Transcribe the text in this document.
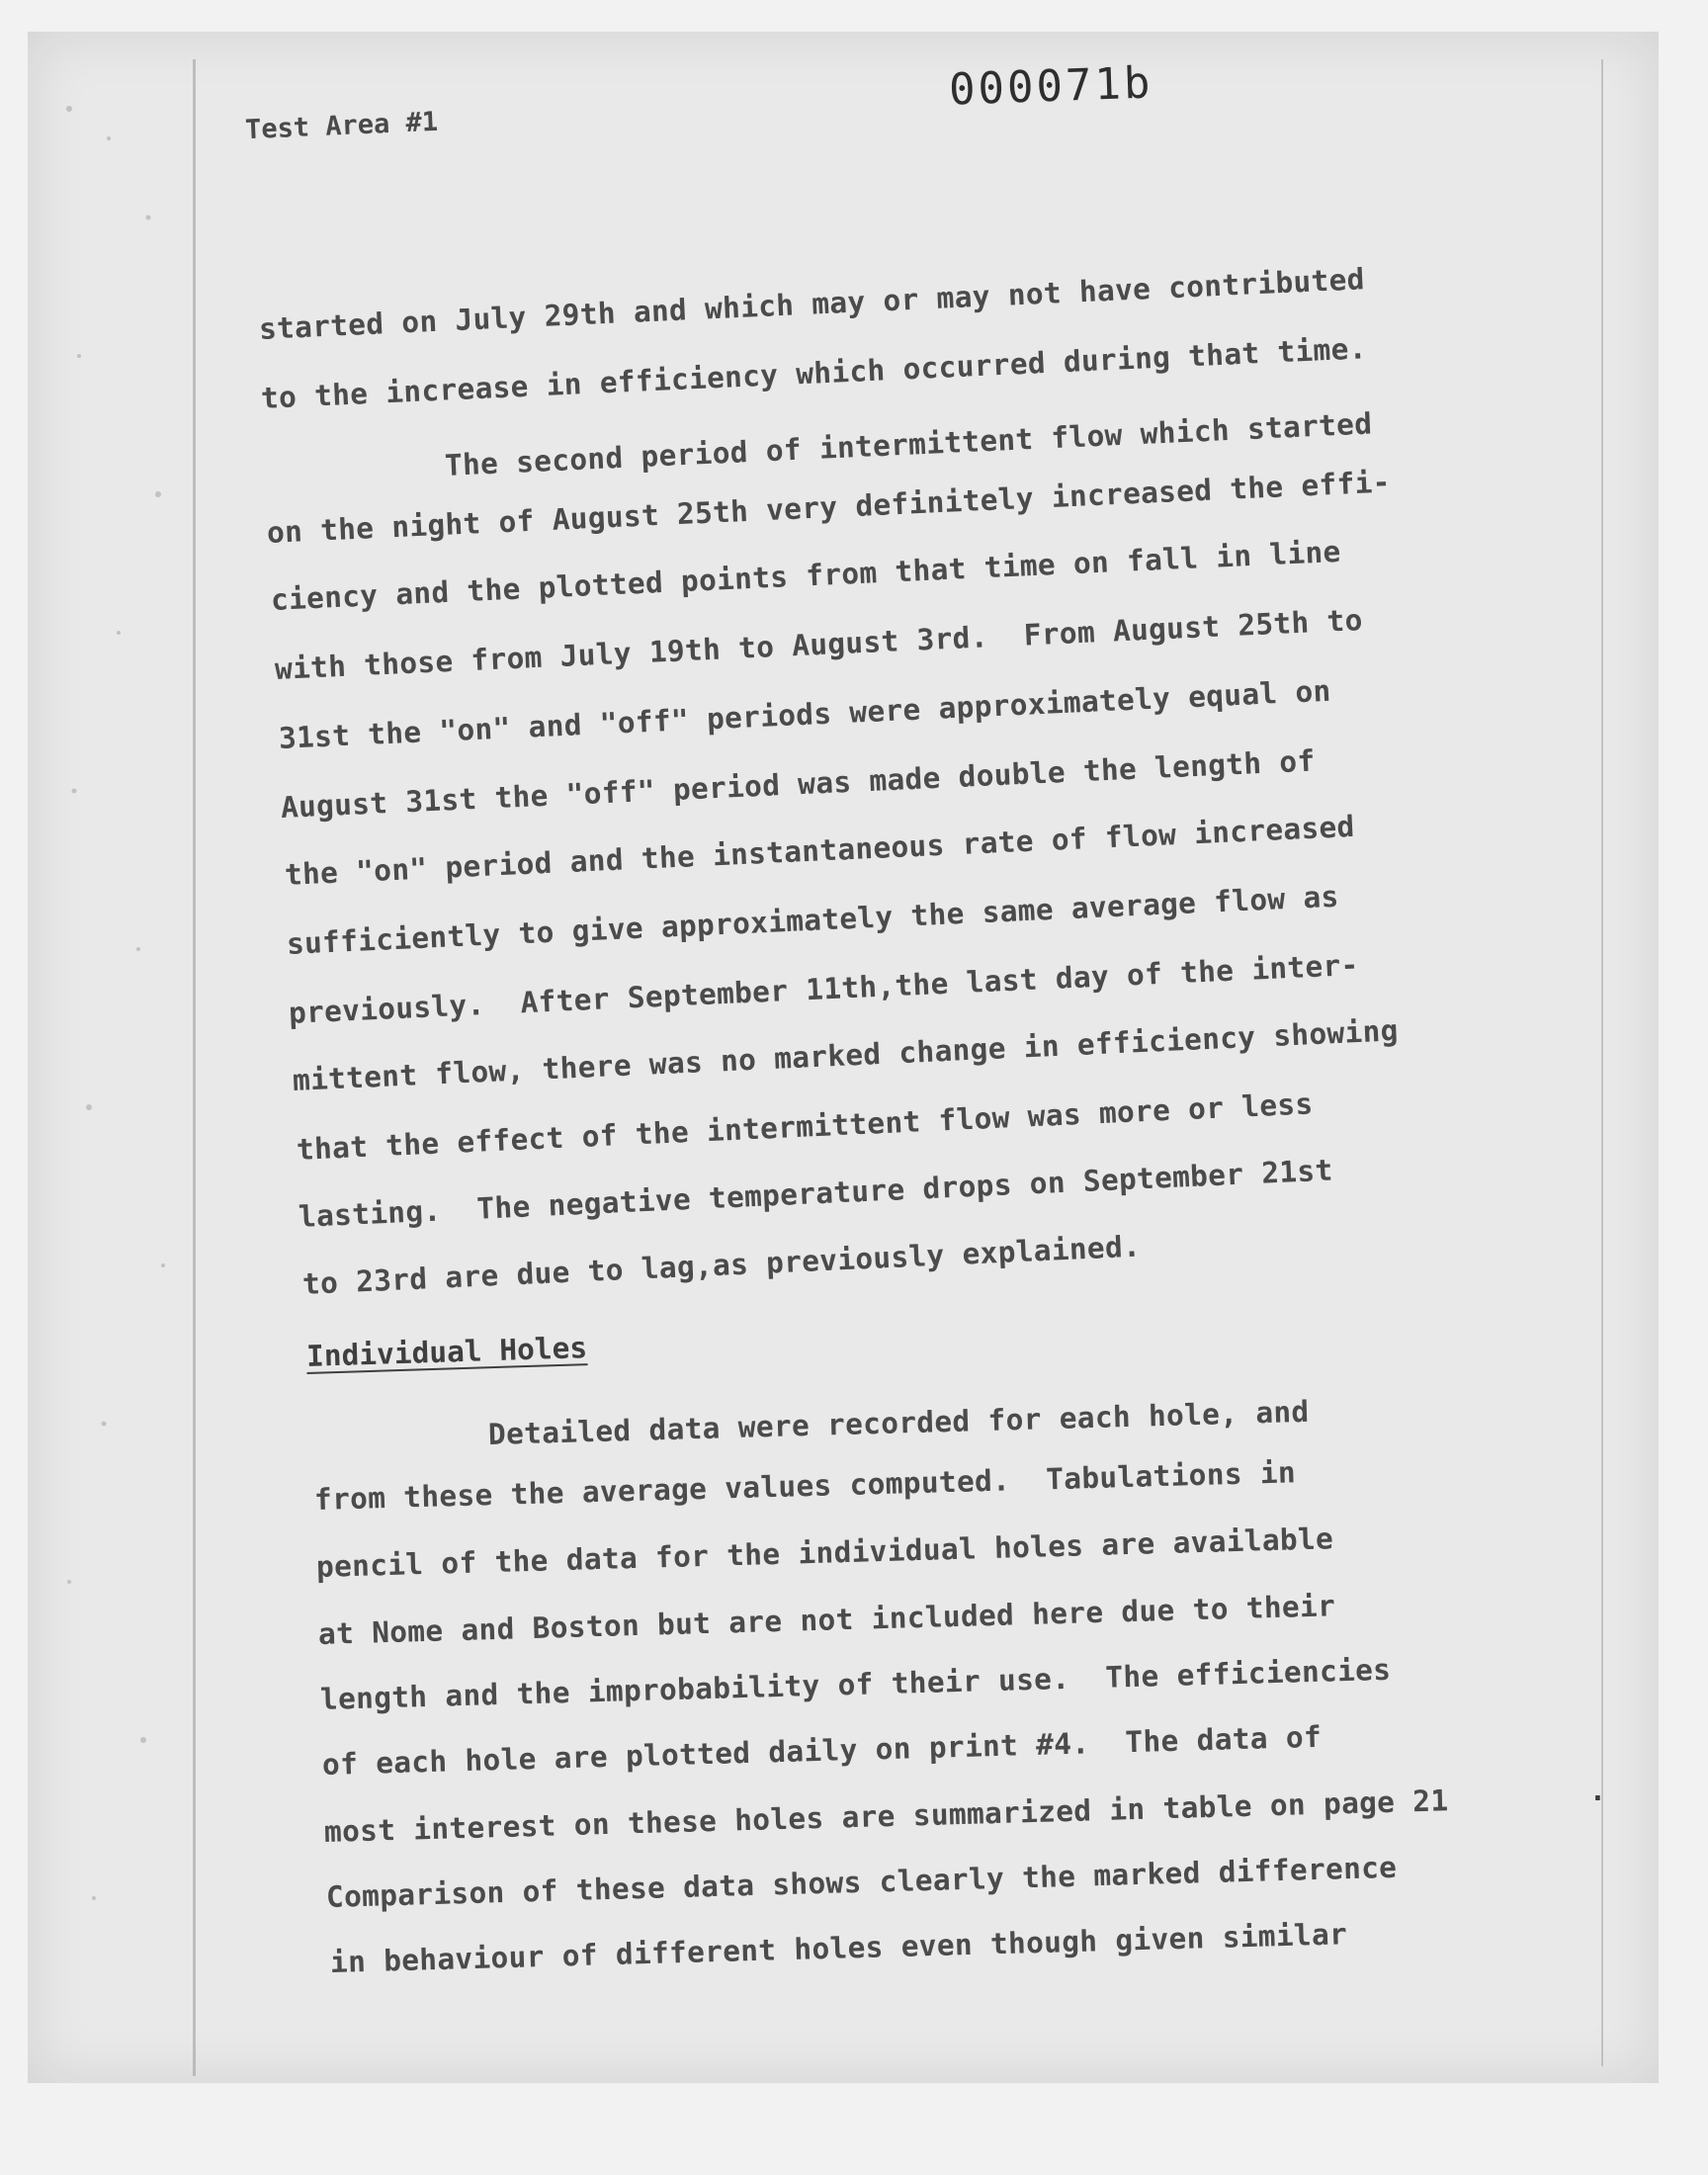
000071b
Test Area #1
started on July 29th and which may or may not have contributed
to the increase in efficiency which occurred during that time.
The second period of intermittent flow which started
on the night of August 25th very definitely increased the effi-
ciency and the plotted points from that time on fall in line
with those from July 19th to August 3rd.  From August 25th to
31st the "on" and "off" periods were approximately equal on
August 31st the "off" period was made double the length of
the "on" period and the instantaneous rate of flow increased
sufficiently to give approximately the same average flow as
previously.  After September 11th,the last day of the inter-
mittent flow, there was no marked change in efficiency showing
that the effect of the intermittent flow was more or less
lasting.  The negative temperature drops on September 21st
to 23rd are due to lag,as previously explained.
Individual Holes
Detailed data were recorded for each hole, and
from these the average values computed.  Tabulations in
pencil of the data for the individual holes are available
at Nome and Boston but are not included here due to their
length and the improbability of their use.  The efficiencies
of each hole are plotted daily on print #4.  The data of
most interest on these holes are summarized in table on page 21
Comparison of these data shows clearly the marked difference
in behaviour of different holes even though given similar
.
